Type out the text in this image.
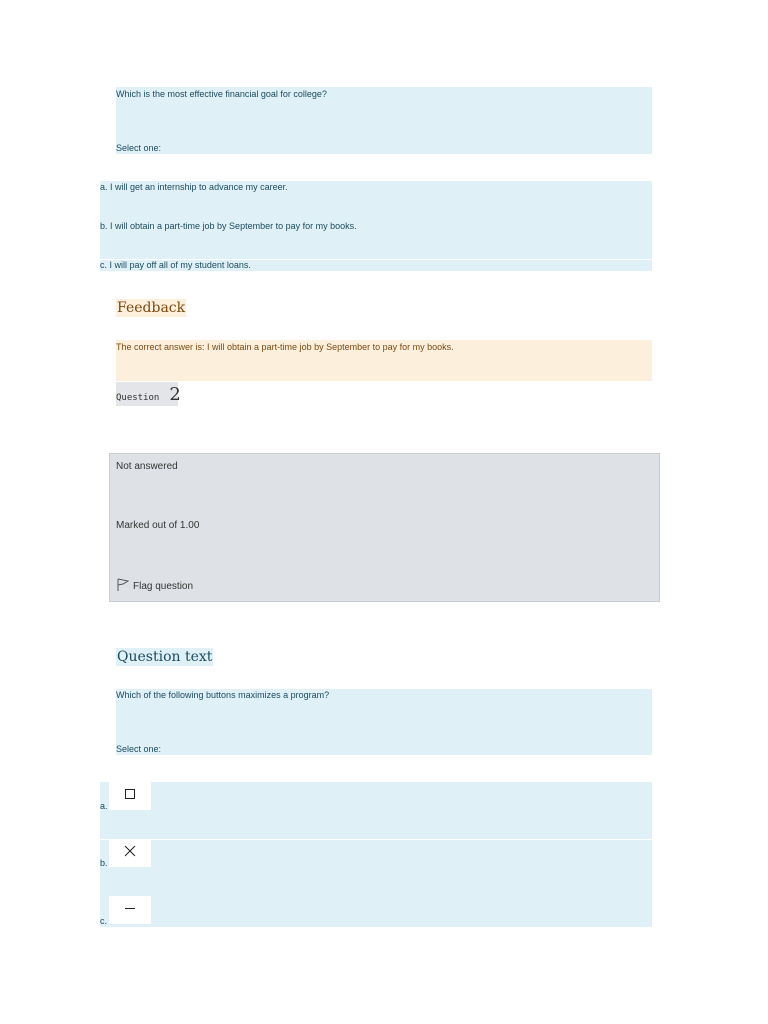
Which is the most effective financial goal for college?
Select one:
a. I will get an internship to advance my career.
b. I will obtain a part-time job by September to pay for my books.
c. I will pay off all of my student loans.
Feedback
The correct answer is: I will obtain a part-time job by September to pay for my books.
Question 2
Not answered
Marked out of 1.00
Flag question
Question text
Which of the following buttons maximizes a program?
Select one:
a.
b.
c.
